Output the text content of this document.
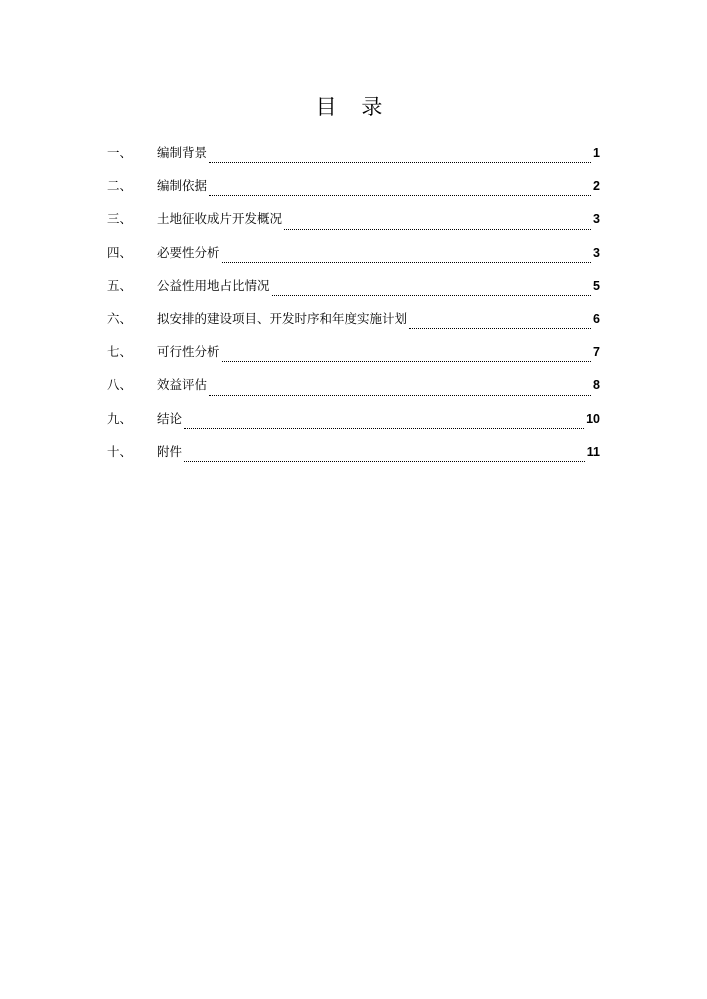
目 录
一、	编制背景	1
二、	编制依据	2
三、	土地征收成片开发概况	3
四、	必要性分析	3
五、	公益性用地占比情况	5
六、	拟安排的建设项目、开发时序和年度实施计划	6
七、	可行性分析	7
八、	效益评估	8
九、	结论	10
十、	附件	11
